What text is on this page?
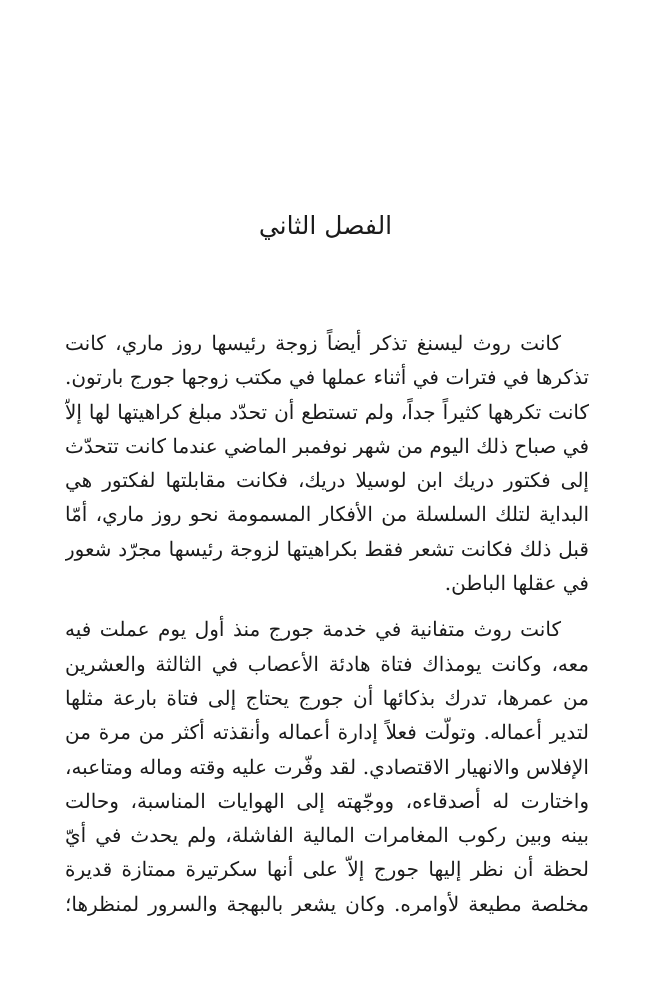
الفصل الثاني
كانت روث ليسنغ تذكر أيضاً زوجة رئيسها روز ماري، كانت
تذكرها في فترات في أثناء عملها في مكتب زوجها جورج بارتون.
كانت تكرهها كثيراً جداً، ولم تستطع أن تحدّد مبلغ كراهيتها لها إلاّ
في صباح ذلك اليوم من شهر نوفمبر الماضي عندما كانت تتحدّث
إلى فكتور دريك ابن لوسيلا دريك، فكانت مقابلتها لفكتور هي
البداية لتلك السلسلة من الأفكار المسمومة نحو روز ماري، أمّا
قبل ذلك فكانت تشعر فقط بكراهيتها لزوجة رئيسها مجرّد شعور
في عقلها الباطن.
كانت روث متفانية في خدمة جورج منذ أول يوم عملت فيه
معه، وكانت يومذاك فتاة هادئة الأعصاب في الثالثة والعشرين
من عمرها، تدرك بذكائها أن جورج يحتاج إلى فتاة بارعة مثلها
لتدير أعماله. وتولّت فعلاً إدارة أعماله وأنقذته أكثر من مرة من
الإفلاس والانهيار الاقتصادي. لقد وفّرت عليه وقته وماله ومتاعبه،
واختارت له أصدقاءه، ووجّهته إلى الهوايات المناسبة، وحالت
بينه وبين ركوب المغامرات المالية الفاشلة، ولم يحدث في أيّ
لحظة أن نظر إليها جورج إلاّ على أنها سكرتيرة ممتازة قديرة
مخلصة مطيعة لأوامره. وكان يشعر بالبهجة والسرور لمنظرها؛
